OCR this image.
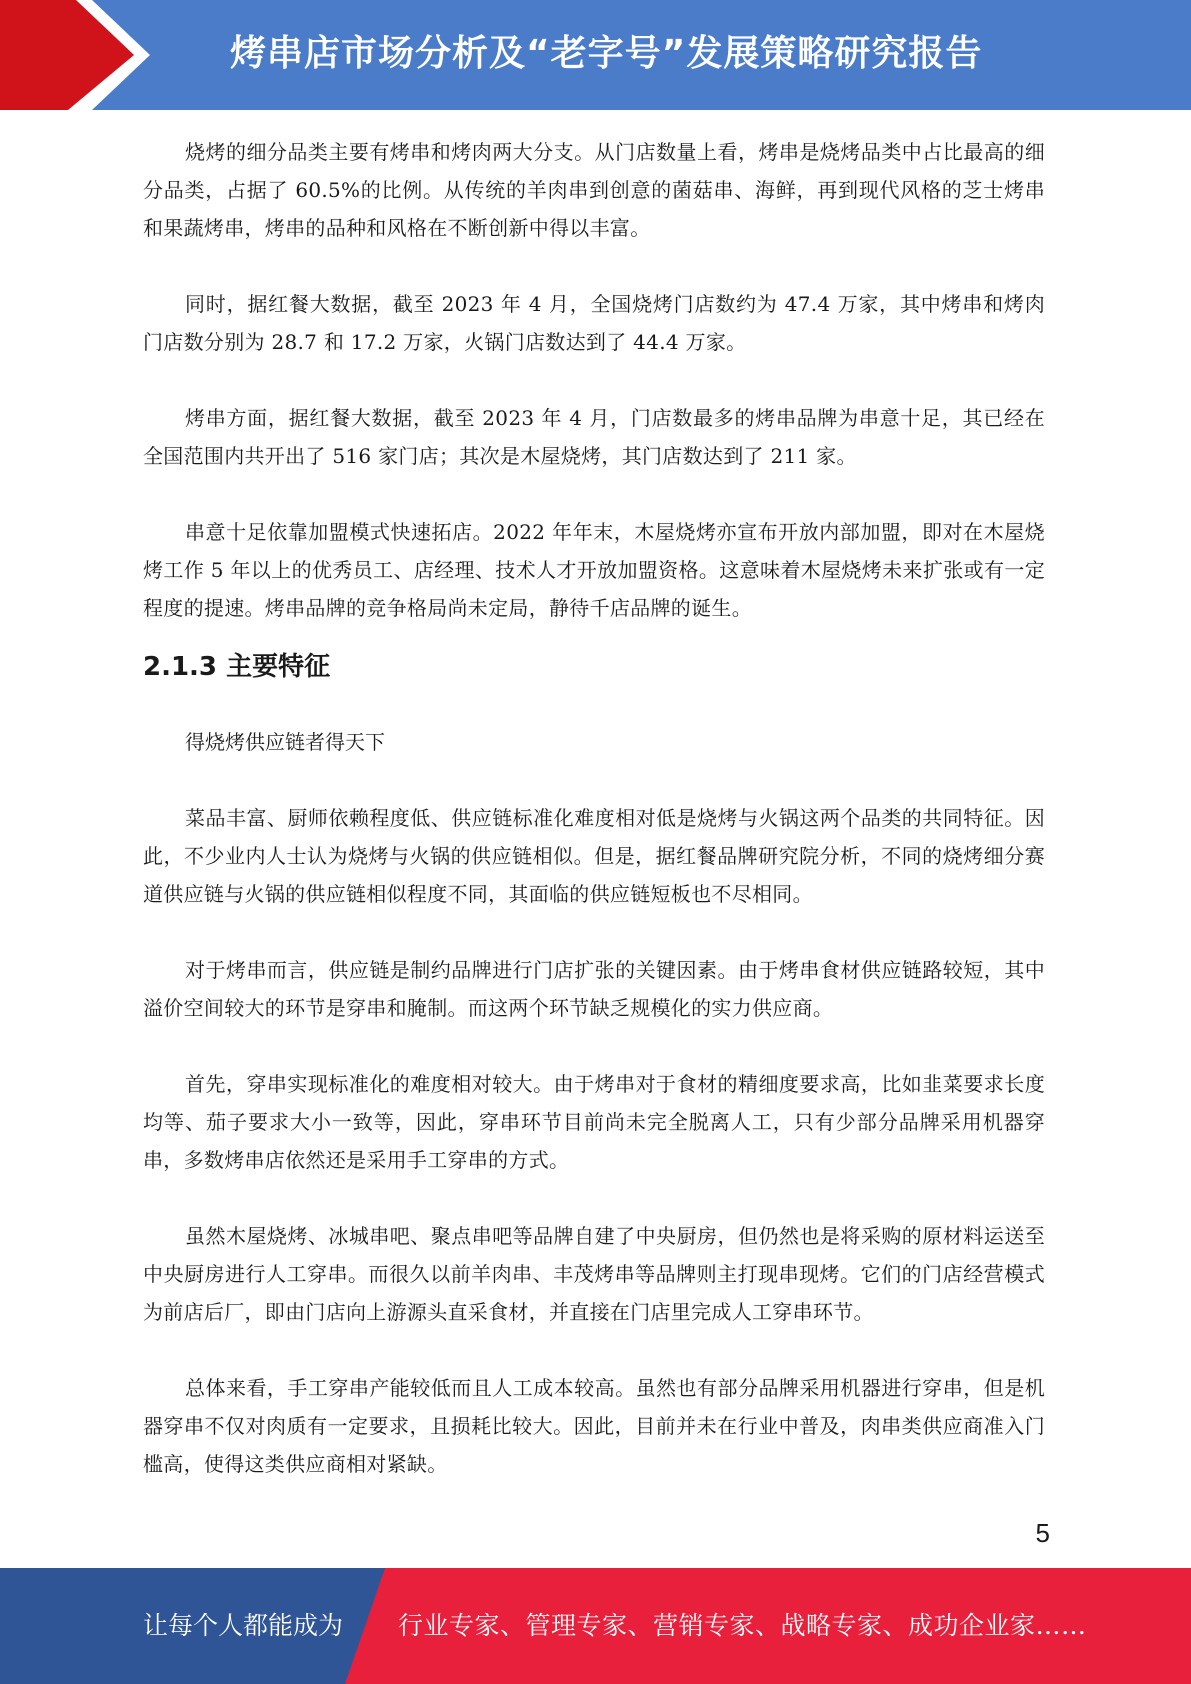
烤串店市场分析及“老字号”发展策略研究报告

烧烤的细分品类主要有烤串和烤肉两大分支。从门店数量上看，烤串是烧烤品类中占比最高的细分品类，占据了 60.5%的比例。从传统的羊肉串到创意的菌菇串、海鲜，再到现代风格的芝士烤串和果蔬烤串，烤串的品种和风格在不断创新中得以丰富。

同时，据红餐大数据，截至 2023 年 4 月，全国烧烤门店数约为 47.4 万家，其中烤串和烤肉门店数分别为 28.7 和 17.2 万家，火锅门店数达到了 44.4 万家。

烤串方面，据红餐大数据，截至 2023 年 4 月，门店数最多的烤串品牌为串意十足，其已经在全国范围内共开出了 516 家门店；其次是木屋烧烤，其门店数达到了 211 家。

串意十足依靠加盟模式快速拓店。2022 年年末，木屋烧烤亦宣布开放内部加盟，即对在木屋烧烤工作 5 年以上的优秀员工、店经理、技术人才开放加盟资格。这意味着木屋烧烤未来扩张或有一定程度的提速。烤串品牌的竞争格局尚未定局，静待千店品牌的诞生。

2.1.3 主要特征
得烧烤供应链者得天下

菜品丰富、厨师依赖程度低、供应链标准化难度相对低是烧烤与火锅这两个品类的共同特征。因此，不少业内人士认为烧烤与火锅的供应链相似。但是，据红餐品牌研究院分析，不同的烧烤细分赛道供应链与火锅的供应链相似程度不同，其面临的供应链短板也不尽相同。

对于烤串而言，供应链是制约品牌进行门店扩张的关键因素。由于烤串食材供应链路较短，其中溢价空间较大的环节是穿串和腌制。而这两个环节缺乏规模化的实力供应商。

首先，穿串实现标准化的难度相对较大。由于烤串对于食材的精细度要求高，比如韭菜要求长度均等、茄子要求大小一致等，因此，穿串环节目前尚未完全脱离人工，只有少部分品牌采用机器穿串，多数烤串店依然还是采用手工穿串的方式。

虽然木屋烧烤、冰城串吧、聚点串吧等品牌自建了中央厨房，但仍然也是将采购的原材料运送至中央厨房进行人工穿串。而很久以前羊肉串、丰茂烤串等品牌则主打现串现烤。它们的门店经营模式为前店后厂，即由门店向上游源头直采食材，并直接在门店里完成人工穿串环节。

总体来看，手工穿串产能较低而且人工成本较高。虽然也有部分品牌采用机器进行穿串，但是机器穿串不仅对肉质有一定要求，且损耗比较大。因此，目前并未在行业中普及，肉串类供应商准入门槛高，使得这类供应商相对紧缺。

5
让每个人都能成为 行业专家、管理专家、营销专家、战略专家、成功企业家……
